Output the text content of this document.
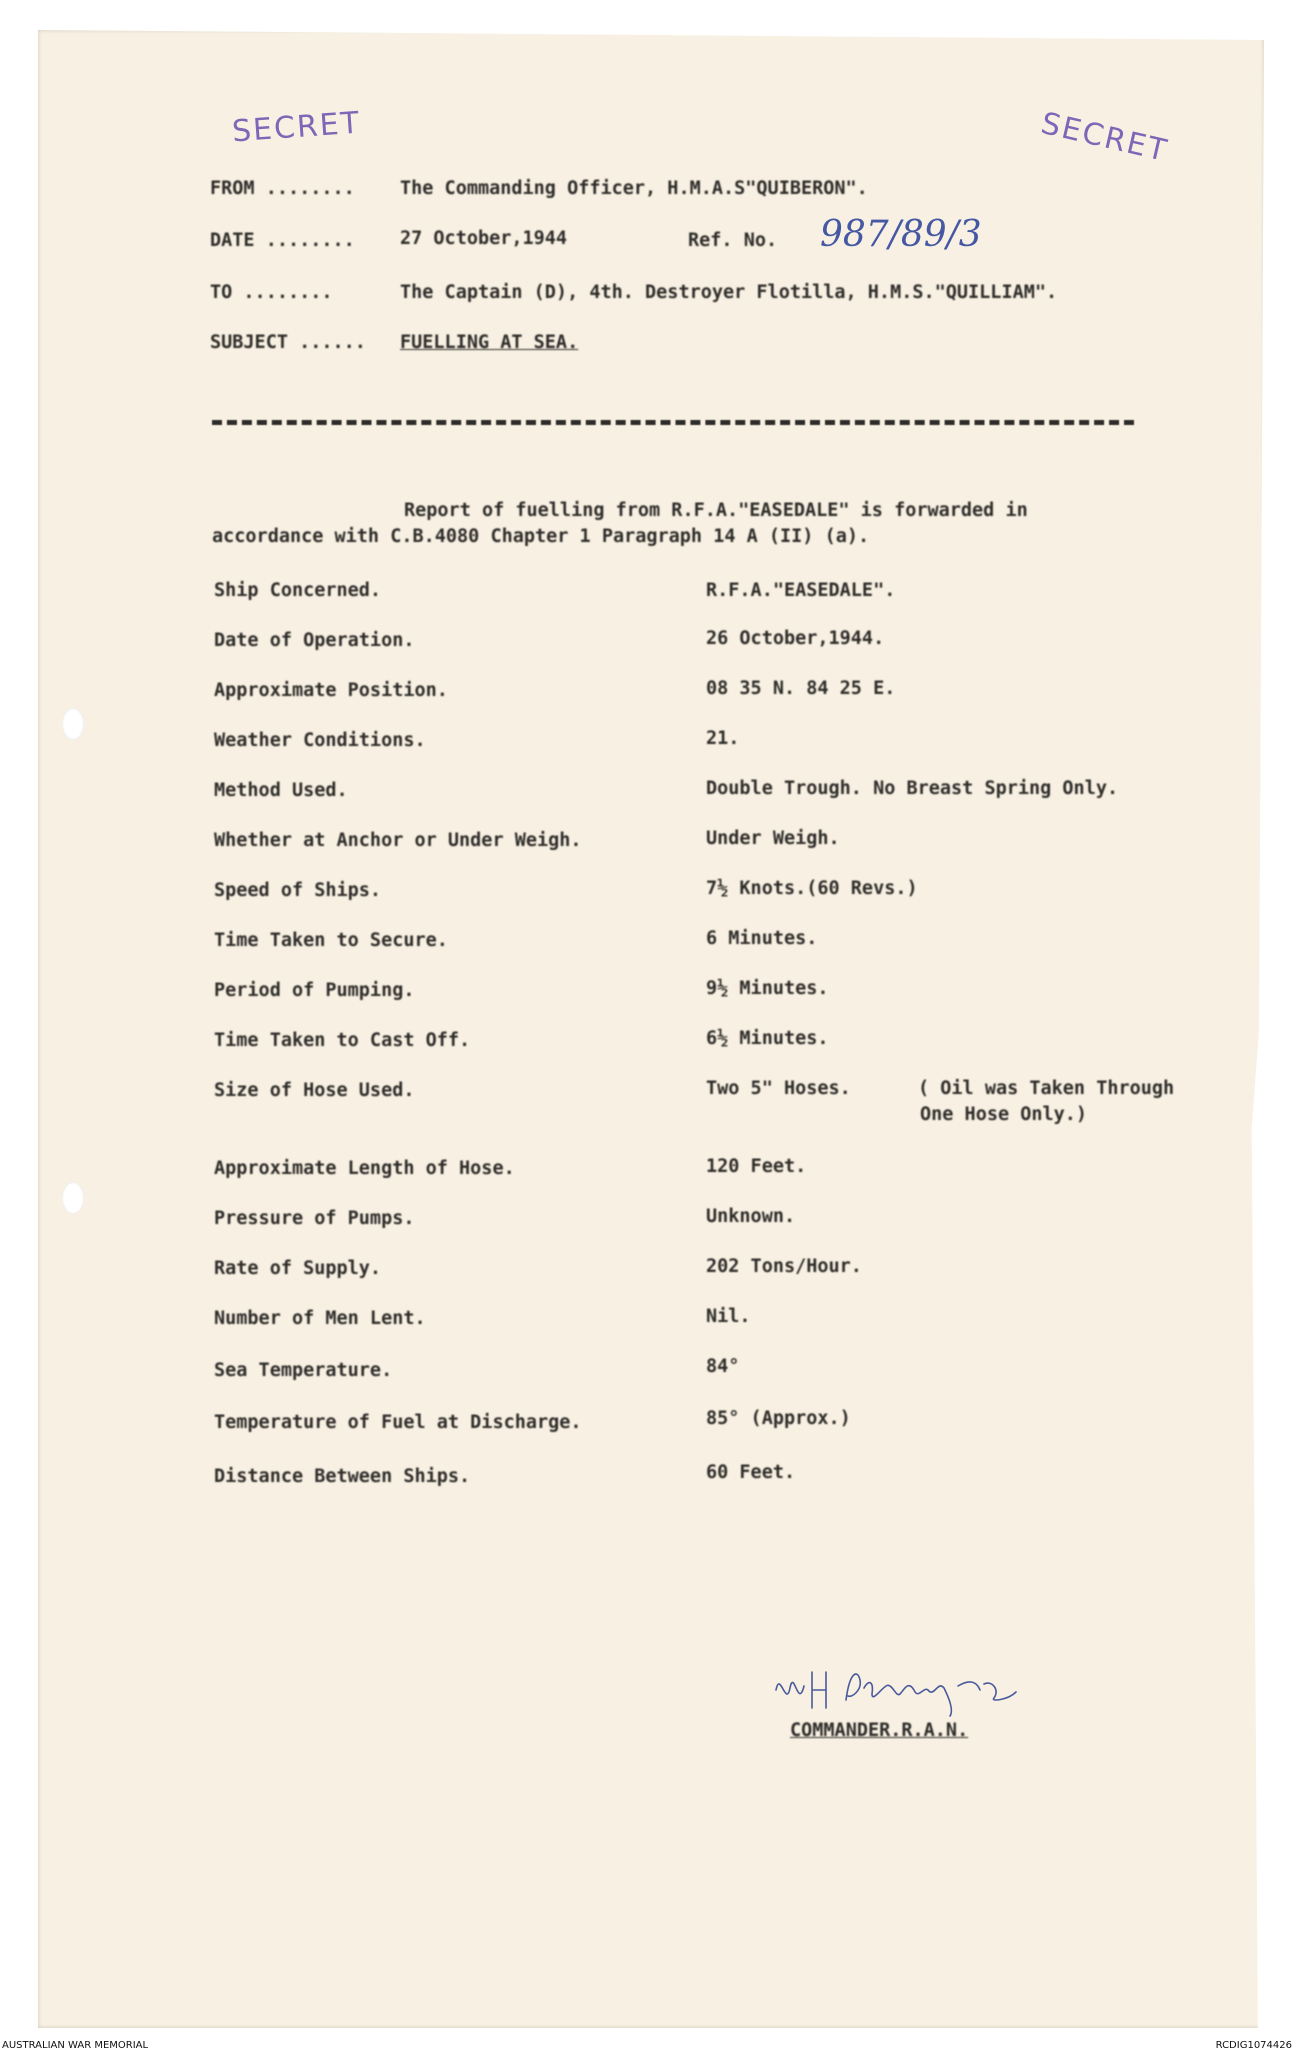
SECRET	SECRET
FROM ........ The Commanding Officer, H.M.A.S"QUIBERON".
DATE ........ 27 October,1944	Ref. No. 987/89/3
TO ........	The Captain (D), 4th. Destroyer Flotilla, H.M.S."QUILLIAM".
SUBJECT ...... FUELLING AT SEA.
Report of fuelling from R.F.A."EASEDALE" is forwarded in
accordance with C.B.4080 Chapter 1 Paragraph 14 A (II) (a).
Ship Concerned.	R.F.A."EASEDALE".
Date of Operation.	26 October,1944.
Approximate Position.	08 35 N. 84 25 E.
Weather Conditions.	21.
Method Used.	Double Trough. No Breast Spring Only.
Whether at Anchor or Under Weigh.	Under Weigh.
Speed of Ships.	7½ Knots.(60 Revs.)
Time Taken to Secure.	6 Minutes.
Period of Pumping.	9½ Minutes.
Time Taken to Cast Off.	6½ Minutes.
Size of Hose Used.	Two 5" Hoses.	( Oil was Taken Through
One Hose Only.)
Approximate Length of Hose.	120 Feet.
Pressure of Pumps.	Unknown.
Rate of Supply.	202 Tons/Hour.
Number of Men Lent.	Nil.
Sea Temperature.	84°
Temperature of Fuel at Discharge.	85° (Approx.)
Distance Between Ships.	60 Feet.
COMMANDER.R.A.N.
AUSTRALIAN WAR MEMORIAL	RCDIG1074426
